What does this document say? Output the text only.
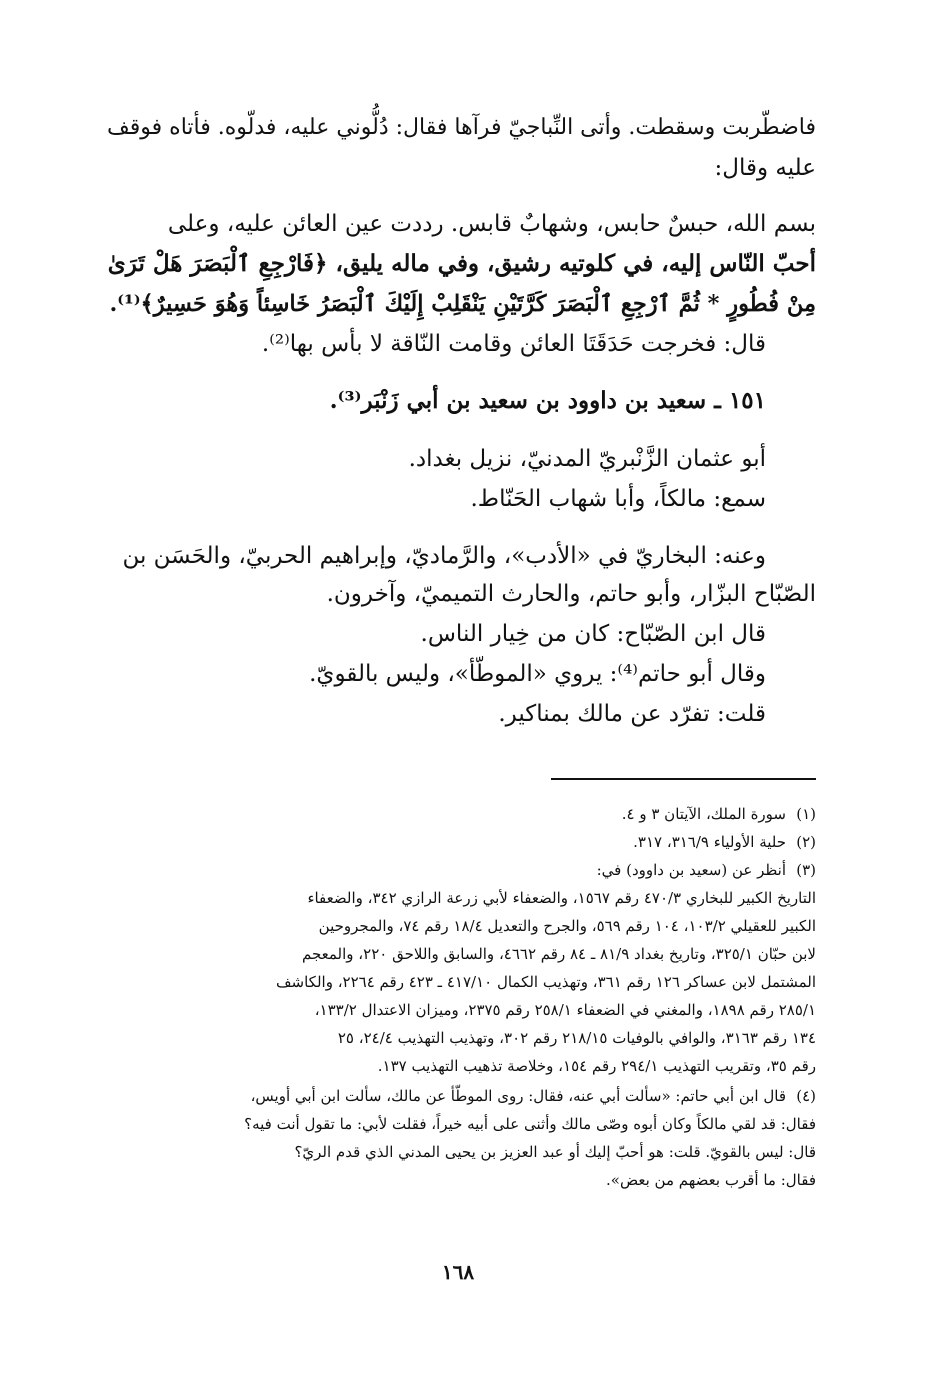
فاضطّربت وسقطت. وأتى النِّباجيّ فرآها فقال: دُلُّوني عليه، فدلّوه. فأتاه فوقف
عليه وقال:
بسم الله، حبسٌ حابس، وشهابٌ قابس. رددت عين العائن عليه، وعلى
أحبّ النّاس إليه، في كلوتيه رشيق، وفي ماله يليق، ﴿فَارْجِعِ ٱلْبَصَرَ هَلْ تَرَىٰ
مِنْ فُطُورٍ * ثُمَّ ٱرْجِعِ ٱلْبَصَرَ كَرَّتَيْنِ يَنْقَلِبْ إِلَيْكَ ٱلْبَصَرُ خَاسِئاً وَهُوَ حَسِيرٌ﴾⁽¹⁾.
قال: فخرجت حَدَقَتَا العائن وقامت النّاقة لا بأس بها⁽²⁾.
١٥١ ـ سعيد بن داوود بن سعيد بن أبي زَنْبَر⁽³⁾.
أبو عثمان الزَّنْبريّ المدنيّ، نزيل بغداد.
سمع: مالكاً، وأبا شهاب الحَنّاط.
وعنه: البخاريّ في «الأدب»، والرَّماديّ، وإبراهيم الحربيّ، والحَسَن بن
الصّبّاح البزّار، وأبو حاتم، والحارث التميميّ، وآخرون.
قال ابن الصّبّاح: كان من خِيار الناس.
وقال أبو حاتم⁽⁴⁾: يروي «الموطّأ»، وليس بالقويّ.
قلت: تفرّد عن مالك بمناكير.
(١)سورة الملك، الآيتان ٣ و ٤.
(٢)حلية الأولياء ٣١٦/٩، ٣١٧.
(٣)أنظر عن (سعيد بن داوود) في:
التاريخ الكبير للبخاري ٤٧٠/٣ رقم ١٥٦٧، والضعفاء لأبي زرعة الرازي ٣٤٢، والضعفاء
الكبير للعقيلي ١٠٣/٢، ١٠٤ رقم ٥٦٩، والجرح والتعديل ١٨/٤ رقم ٧٤، والمجروحين
لابن حبّان ٣٢٥/١، وتاريخ بغداد ٨١/٩ ـ ٨٤ رقم ٤٦٦٢، والسابق واللاحق ٢٢٠، والمعجم
المشتمل لابن عساكر ١٢٦ رقم ٣٦١، وتهذيب الكمال ٤١٧/١٠ ـ ٤٢٣ رقم ٢٢٦٤، والكاشف
٢٨٥/١ رقم ١٨٩٨، والمغني في الضعفاء ٢٥٨/١ رقم ٢٣٧٥، وميزان الاعتدال ١٣٣/٢،
١٣٤ رقم ٣١٦٣، والوافي بالوفيات ٢١٨/١٥ رقم ٣٠٢، وتهذيب التهذيب ٢٤/٤، ٢٥
رقم ٣٥، وتقريب التهذيب ٢٩٤/١ رقم ١٥٤، وخلاصة تذهيب التهذيب ١٣٧.
(٤)قال ابن أبي حاتم: «سألت أبي عنه، فقال: روى الموطّأ عن مالك، سألت ابن أبي أويس،
فقال: قد لقي مالكاً وكان أبوه وصّى مالك وأثنى على أبيه خيراً، فقلت لأبي: ما تقول أنت فيه؟
قال: ليس بالقويّ. قلت: هو أحبّ إليك أو عبد العزيز بن يحيى المدني الذي قدم الريّ؟
فقال: ما أقرب بعضهم من بعض».
١٦٨
